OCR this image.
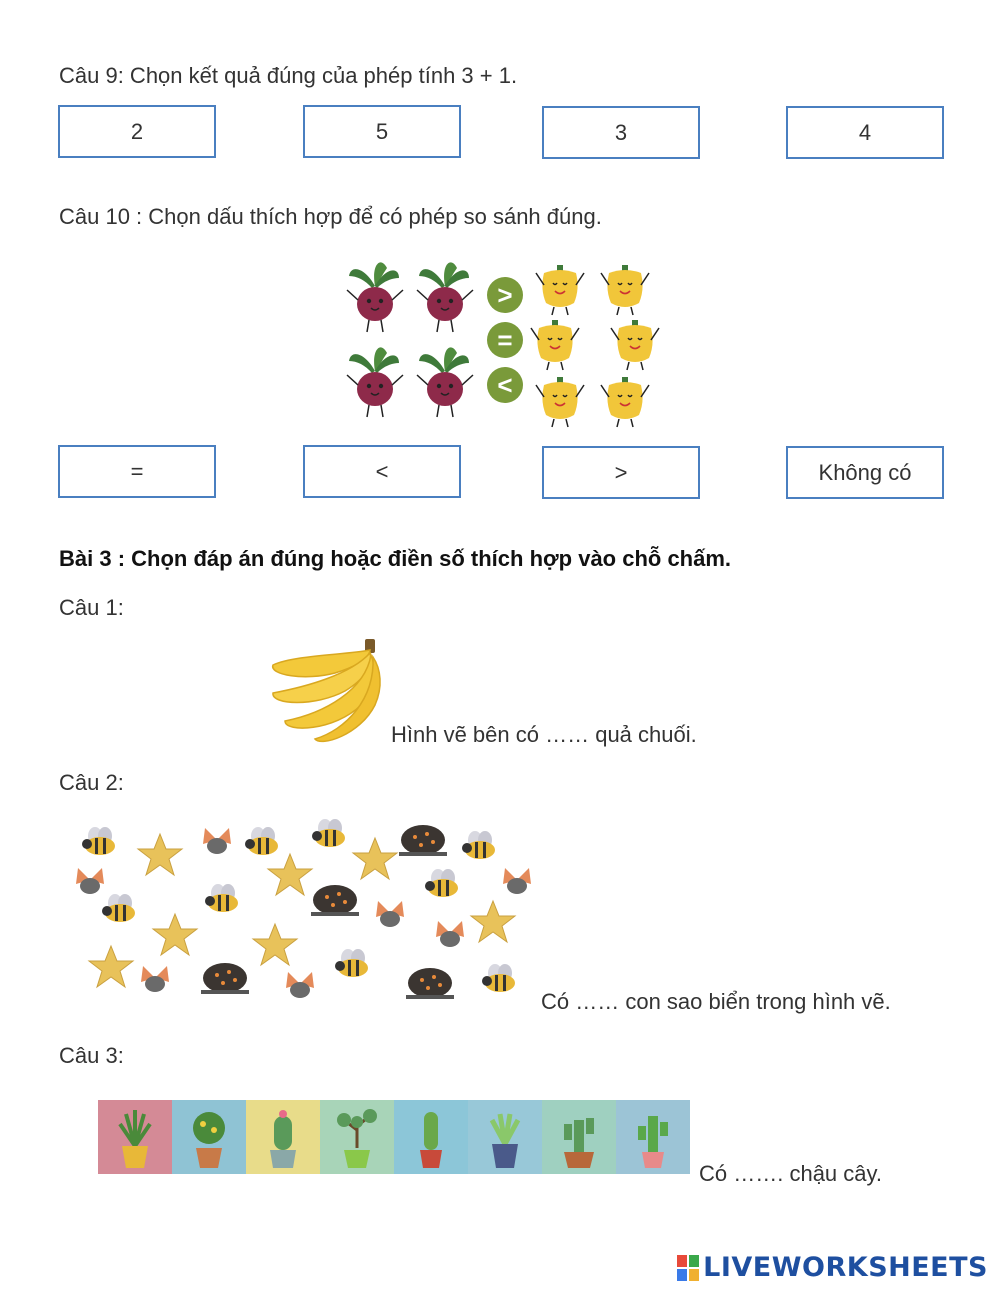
Câu 9: Chọn kết quả đúng của phép tính 3 + 1.
2	5	3	4
Câu 10 : Chọn dấu thích hợp để có phép so sánh đúng.
>
=
<
=	<	>	Không có
Bài 3 : Chọn đáp án đúng hoặc điền số thích hợp vào chỗ chấm.
Câu 1:
Hình vẽ bên có …… quả chuối.
Câu 2:
Có …… con sao biển trong hình vẽ.
Câu 3:
Có ……. chậu cây.
LIVEWORKSHEETS
